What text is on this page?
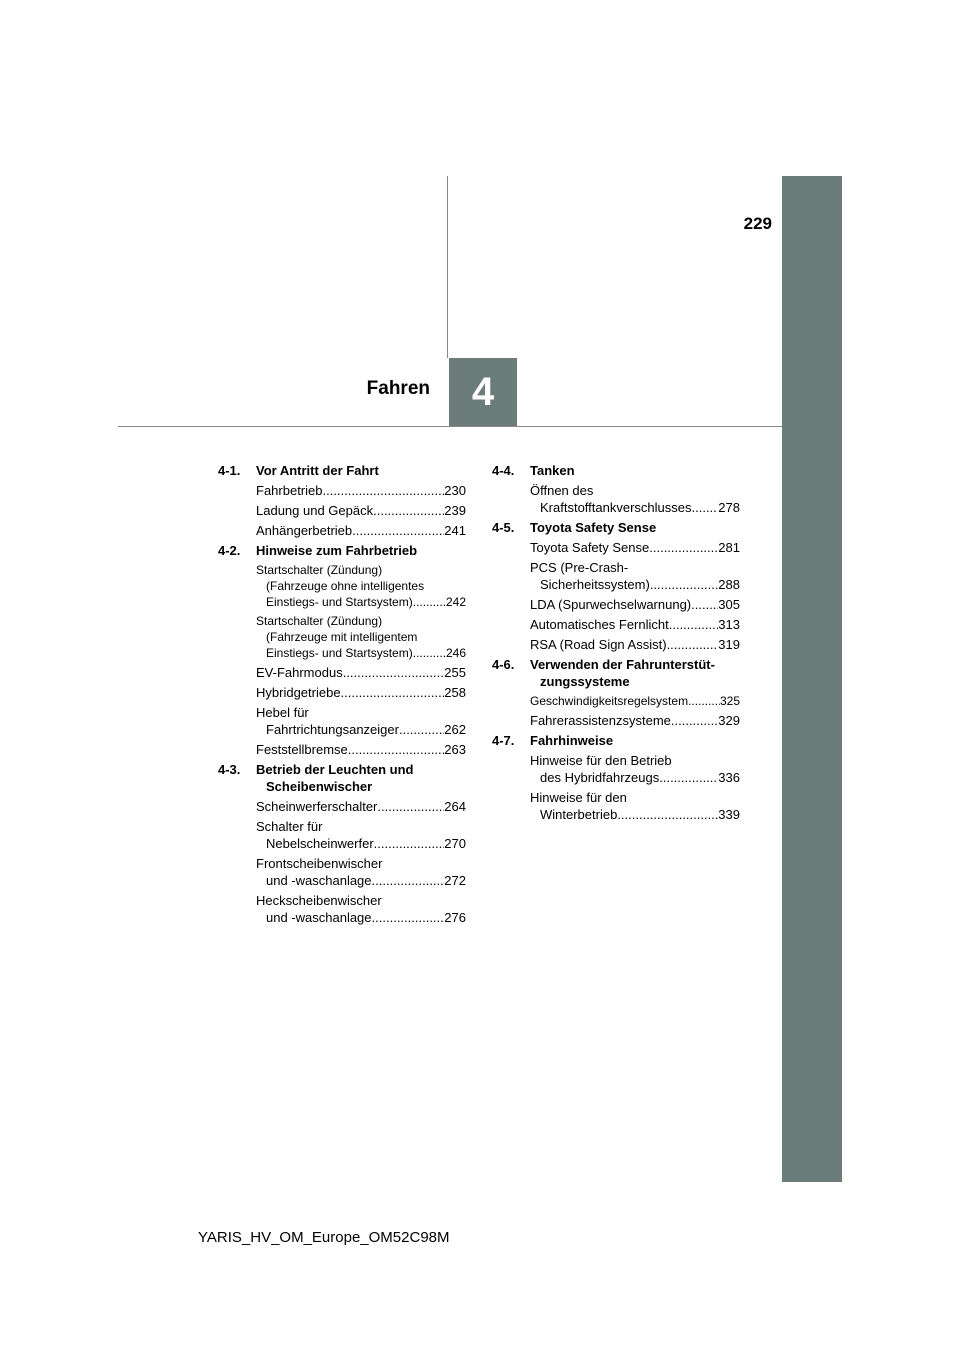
229
4
Fahren
4-1.	Vor Antritt der Fahrt
Fahrbetrieb .....	230
Ladung und Gepäck .....	239
Anhängerbetrieb .....	241
4-2.	Hinweise zum Fahrbetrieb
Startschalter (Zündung)
(Fahrzeuge ohne intelligentes
Einstiegs- und Startsystem) .....	242
Startschalter (Zündung)
(Fahrzeuge mit intelligentem
Einstiegs- und Startsystem) .....	246
EV-Fahrmodus .....	255
Hybridgetriebe .....	258
Hebel für
Fahrtrichtungsanzeiger .....	262
Feststellbremse .....	263
4-3.	Betrieb der Leuchten und
Scheibenwischer
Scheinwerferschalter .....	264
Schalter für
Nebelscheinwerfer .....	270
Frontscheibenwischer
und -waschanlage .....	272
Heckscheibenwischer
und -waschanlage .....	276
4-4.	Tanken
Öffnen des
Kraftstofftankverschlusses ..... 278
4-5.	Toyota Safety Sense
Toyota Safety Sense .....	281
PCS (Pre-Crash-
Sicherheitssystem) .....	288
LDA (Spurwechselwarnung) ..... 305
Automatisches Fernlicht .....	313
RSA (Road Sign Assist) .....	319
4-6.	Verwenden der Fahrunterstüt-
zungssysteme
Geschwindigkeitsregelsystem .....	325
Fahrerassistenzsysteme .....	329
4-7.	Fahrhinweise
Hinweise für den Betrieb
des Hybridfahrzeugs .....	336
Hinweise für den
Winterbetrieb .....	339
YARIS_HV_OM_Europe_OM52C98M
